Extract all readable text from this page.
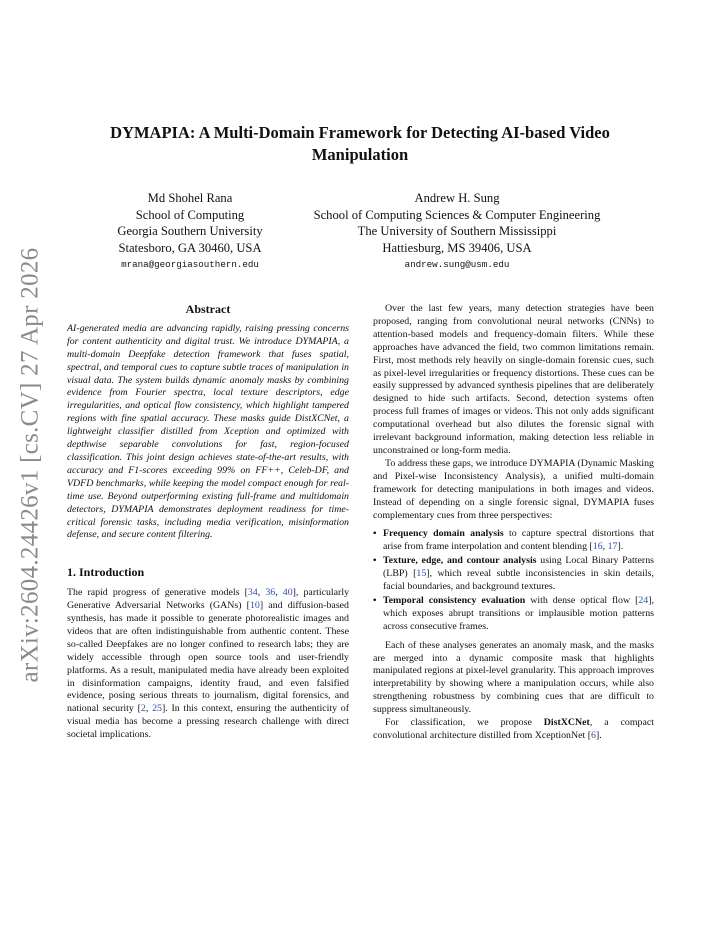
arXiv:2604.24426v1 [cs.CV] 27 Apr 2026
DYMAPIA: A Multi-Domain Framework for Detecting AI-based Video Manipulation
Md Shohel Rana
School of Computing
Georgia Southern University
Statesboro, GA 30460, USA
mrana@georgiasouthern.edu
Andrew H. Sung
School of Computing Sciences & Computer Engineering
The University of Southern Mississippi
Hattiesburg, MS 39406, USA
andrew.sung@usm.edu
Abstract

AI-generated media are advancing rapidly, raising pressing concerns for content authenticity and digital trust. We introduce DYMAPIA, a multi-domain Deepfake detection framework that fuses spatial, spectral, and temporal cues to capture subtle traces of manipulation in visual data. The system builds dynamic anomaly masks by combining evidence from Fourier spectra, local texture descriptors, edge irregularities, and optical flow consistency, which highlight tampered regions with fine spatial accuracy. These masks guide DistXCNet, a lightweight classifier distilled from Xception and optimized with depthwise separable convolutions for fast, region-focused classification. This joint design achieves state-of-the-art results, with accuracy and F1-scores exceeding 99% on FF++, Celeb-DF, and VDFD benchmarks, while keeping the model compact enough for real-time use. Beyond outperforming existing full-frame and multidomain detectors, DYMAPIA demonstrates deployment readiness for time-critical forensic tasks, including media verification, misinformation defense, and secure content filtering.

1. Introduction

The rapid progress of generative models [34, 36, 40], particularly Generative Adversarial Networks (GANs) [10] and diffusion-based synthesis, has made it possible to generate photorealistic images and videos that are often indistinguishable from authentic content. These so-called Deepfakes are no longer confined to research labs; they are widely accessible through open source tools and user-friendly platforms. As a result, manipulated media have already been exploited in disinformation campaigns, identity fraud, and even falsified evidence, posing serious threats to journalism, digital forensics, and national security [2, 25]. In this context, ensuring the authenticity of visual media has become a pressing research challenge with direct societal implications.

Over the last few years, many detection strategies have been proposed, ranging from convolutional neural networks (CNNs) to attention-based models and frequency-domain filters. While these approaches have advanced the field, two common limitations remain. First, most methods rely heavily on single-domain forensic cues, such as pixel-level irregularities or frequency distortions. These cues can be easily suppressed by advanced synthesis pipelines that are deliberately designed to hide such artifacts. Second, detection systems often process full frames of images or videos. This not only adds significant computational overhead but also dilutes the forensic signal with irrelevant background information, making detection less reliable in unconstrained or long-form media.

To address these gaps, we introduce DYMAPIA (Dynamic Masking and Pixel-wise Inconsistency Analysis), a unified multi-domain framework for detecting manipulations in both images and videos. Instead of depending on a single forensic signal, DYMAPIA fuses complementary cues from three perspectives:

• Frequency domain analysis to capture spectral distortions that arise from frame interpolation and content blending [16, 17].
• Texture, edge, and contour analysis using Local Binary Patterns (LBP) [15], which reveal subtle inconsistencies in skin details, facial boundaries, and background textures.
• Temporal consistency evaluation with dense optical flow [24], which exposes abrupt transitions or implausible motion patterns across consecutive frames.

Each of these analyses generates an anomaly mask, and the masks are merged into a dynamic composite mask that highlights manipulated regions at pixel-level granularity. This approach improves interpretability by showing where a manipulation occurs, while also strengthening robustness by combining cues that are difficult to suppress simultaneously.

For classification, we propose DistXCNet, a compact convolutional architecture distilled from XceptionNet [6].
